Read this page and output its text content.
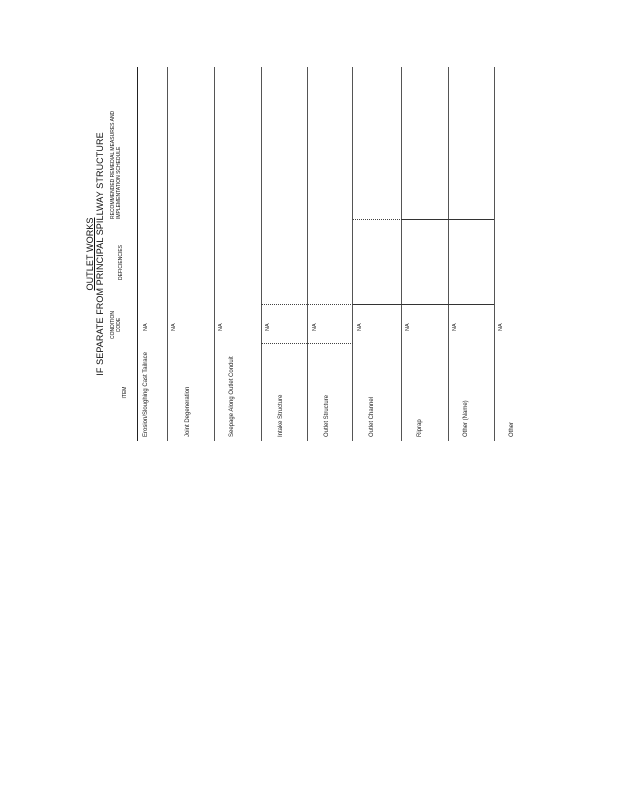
OUTLET WORKS IF SEPARATE FROM PRINCIPAL SPILLWAY STRUCTURE
ITEM
CONDITION
CODE
DEFICIENCIES
RECOMMENDED REMEDIAL MEASURES AND
IMPLEMENTATION SCHEDULE
Erosion/Sloughing Cast Tailrace
NA
Joint Degeneration
NA
Seepage Along Outlet Conduit
NA
Intake Structure
NA
Outlet Structure
NA
Outlet Channel
NA
Riprap
NA
Other (Name)
NA
Other
NA
